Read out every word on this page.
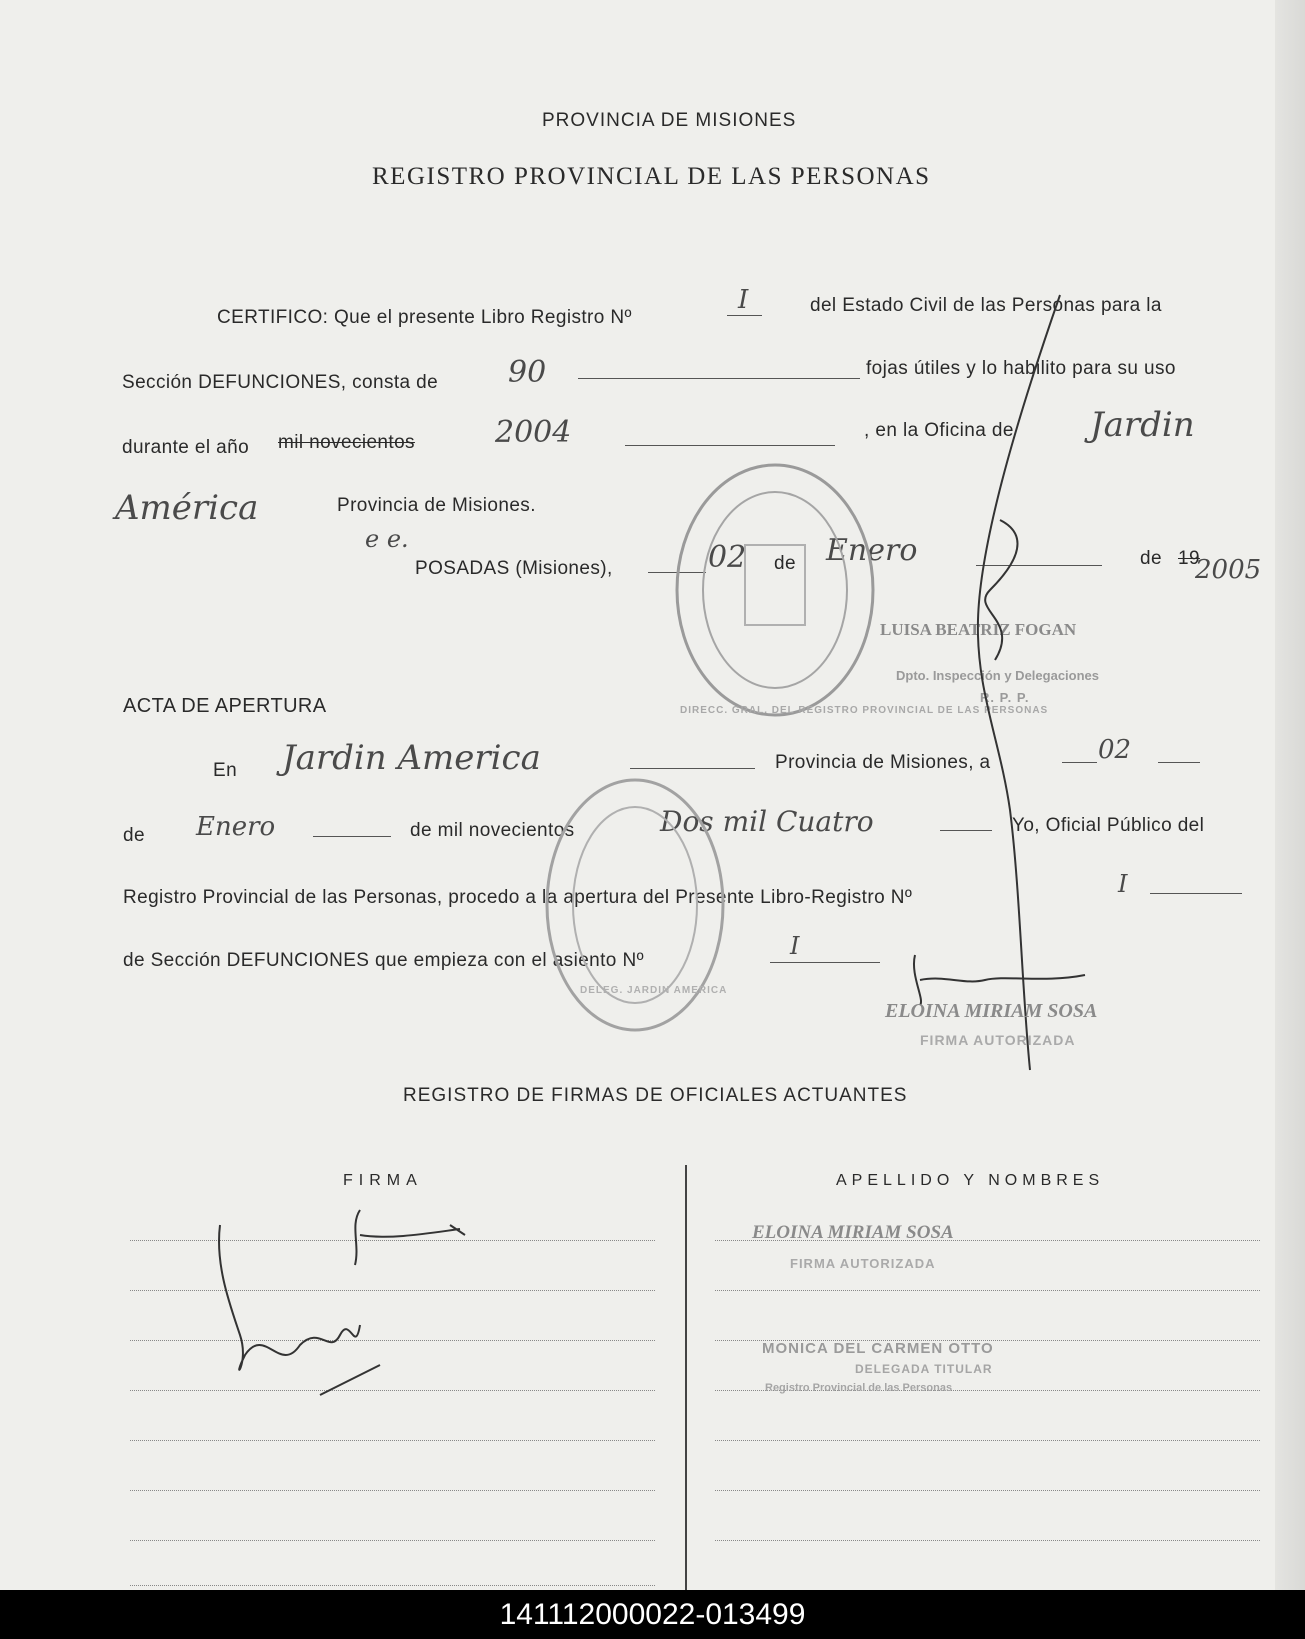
PROVINCIA DE MISIONES
REGISTRO PROVINCIAL DE LAS PERSONAS
CERTIFICO: Que el presente Libro Registro Nº
I	del Estado Civil de las Personas para la
Sección DEFUNCIONES, consta de 90	fojas útiles y lo habilito para su uso
durante el año mil novecientos	2004	, en la Oficina de Jardin
América	Provincia de Misiones.
e e.
POSADAS (Misiones),	02 de Enero	de 19
2005
DIRECC. GRAL. DEL REGISTRO PROVINCIAL DE LAS PERSONAS
LUISA BEATRIZ FOGAN
Dpto. Inspección y Delegaciones
R. P. P.
ACTA DE APERTURA
En Jardin America	Provincia de Misiones, a	02
de Enero	de mil novecientos	Dos mil Cuatro	Yo, Oficial Público del
Registro Provincial de las Personas, procedo a la apertura del Presente Libro-Registro Nº	I
de Sección DEFUNCIONES que empieza con el asiento Nº
I
DELEG. JARDIN AMERICA
ELOINA MIRIAM SOSA
FIRMA AUTORIZADA
REGISTRO DE FIRMAS DE OFICIALES ACTUANTES
FIRMA	APELLIDO Y NOMBRES
ELOINA MIRIAM SOSA
FIRMA AUTORIZADA
MONICA DEL CARMEN OTTO
DELEGADA TITULAR
Registro Provincial de las Personas
141112000022-013499
